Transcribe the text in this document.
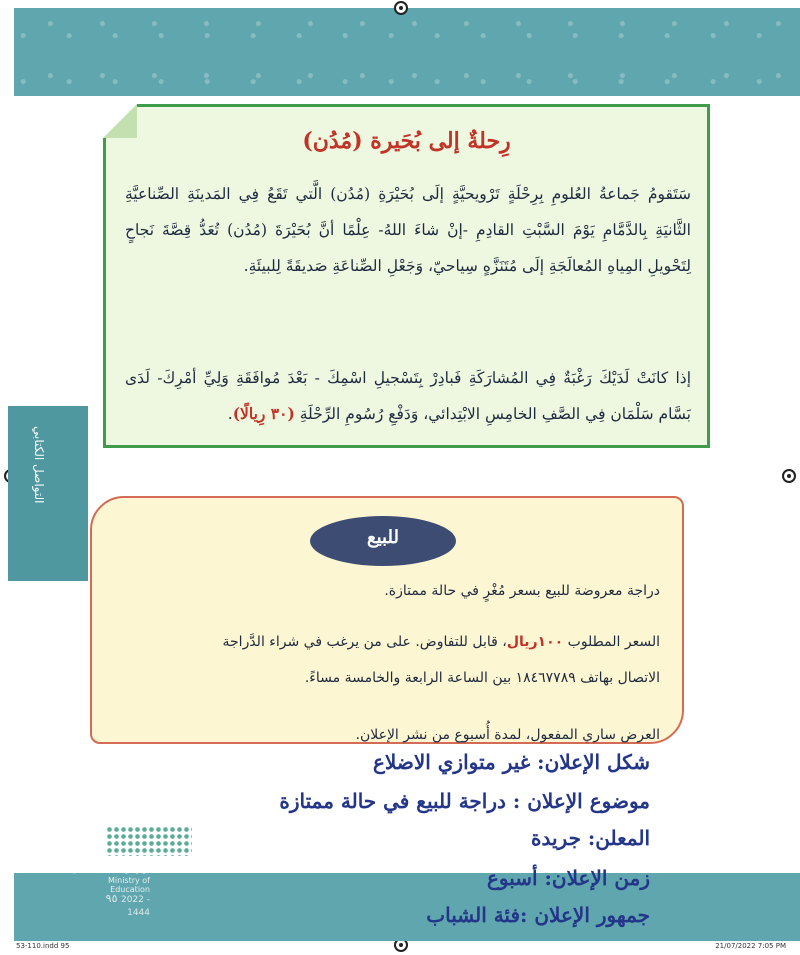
رِحلةٌ إلى بُحَيرة (مُدُن)
سَتَقومُ جَماعةُ العُلومِ بِرِحْلَةٍ تَرْويحيَّةٍ إلَى بُحَيْرَةِ (مُدُن) الَّتي تَقَعُ فِي المَدينَةِ الصِّناعيَّةِ الثَّانيَةِ بِالدَّمَّامِ يَوْمَ السَّبْتِ القادِمِ -إنْ شاءَ اللهُ- عِلْمًا أنَّ بُحَيْرَةَ (مُدُن) تُعَدُّ قِصَّةَ نَجاحٍ لِتَحْويلِ المِياهِ المُعالَجَةِ إلَى مُتَنَزَّهٍ سِياحيّ، وَجَعْلِ الصِّناعَةِ صَديقَةً لِلبيئَةِ.
إذا كانَتْ لَدَيْكَ رَغْبَةٌ فِي المُشارَكَةِ فَبادِرْ بِتَسْجيلِ اسْمِكَ - بَعْدَ مُوافَقَةِ وَلِيِّ أمْرِكَ- لَدَى بَسَّام سَلْمَان فِي الصَّفِ الخامِسِ الابْتِدائي، وَدَفْعِ رُسُومِ الرِّحْلَةِ (٣٠ رِيالًا).
التواصل الكتابي
للبيع
دراجة معروضة للبيع بسعر مُغْرٍ في حالة ممتازة.
السعر المطلوب ١٠٠ريال، قابل للتفاوض. على من يرغب في شراء الدَّراجة
الاتصال بهاتف ١٨٤٦٧٧٨٩ بين الساعة الرابعة والخامسة مساءً.
العرض ساري المفعول، لمدة أُسبوع من نشر الإعلان.
وزارة التعـليم
Ministry of Education
٩٥ 2022 - 1444
شكل الإعلان: غير متوازي الاضلاع
موضوع الإعلان : دراجة للبيع في حالة ممتازة
المعلن: جريدة
زمن الإعلان: أسبوع
جمهور الإعلان :فئة الشباب
53-110.indd 95	21/07/2022 7:05 PM
